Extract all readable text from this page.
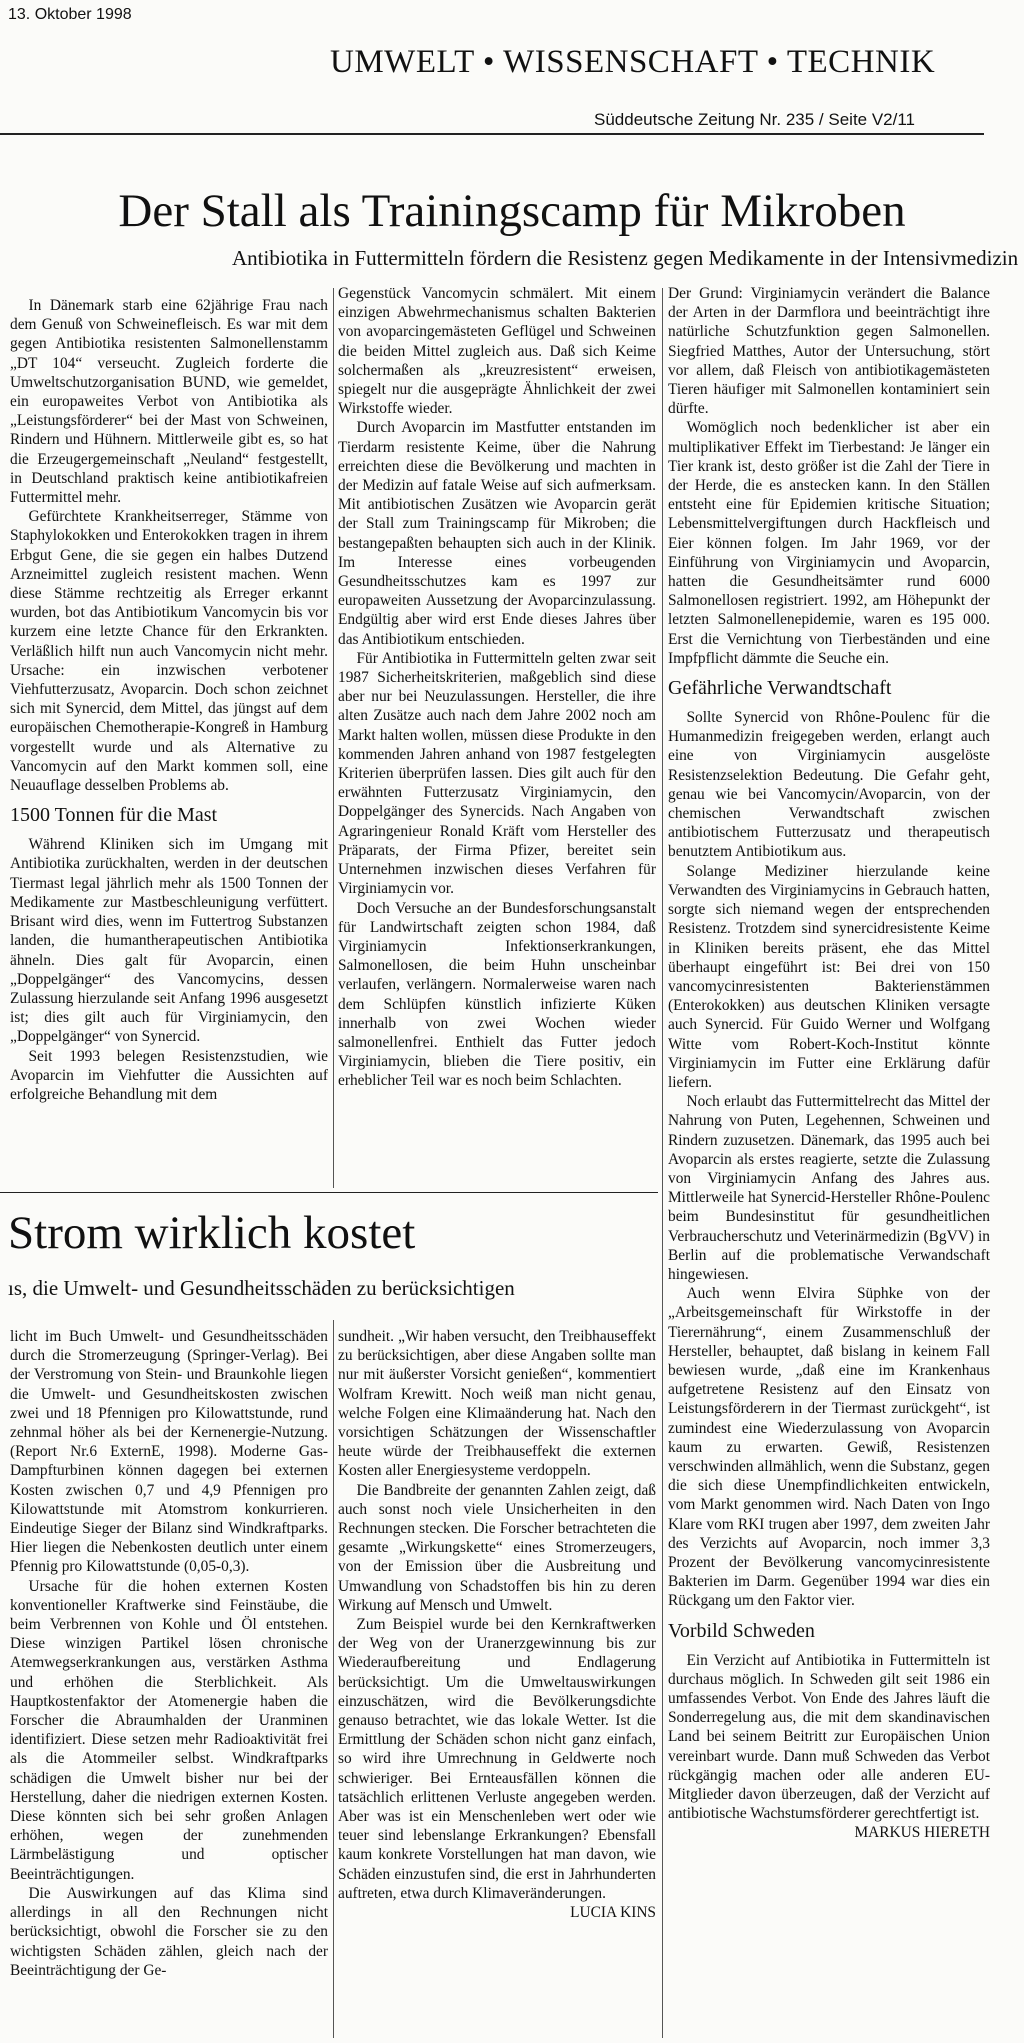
13. Oktober 1998
UMWELT • WISSENSCHAFT • TECHNIK
Süddeutsche Zeitung Nr. 235 / Seite V2/11
Der Stall als Trainingscamp für Mikroben
Antibiotika in Futtermitteln fördern die Resistenz gegen Medikamente in der Intensivmedizin

In Dänemark starb eine 62jährige Frau nach dem Genuß von Schweinefleisch. Es war mit dem gegen Antibiotika resistenten Salmonellenstamm „DT 104“ verseucht. Zugleich forderte die Umweltschutzorganisation BUND, wie gemeldet, ein europaweites Verbot von Antibiotika als „Leistungsförderer“ bei der Mast von Schweinen, Rindern und Hühnern. Mittlerweile gibt es, so hat die Erzeugergemeinschaft „Neuland“ festgestellt, in Deutschland praktisch keine antibiotikafreien Futtermittel mehr.

Gefürchtete Krankheitserreger, Stämme von Staphylokokken und Enterokokken tragen in ihrem Erbgut Gene, die sie gegen ein halbes Dutzend Arzneimittel zugleich resistent machen. Wenn diese Stämme rechtzeitig als Erreger erkannt wurden, bot das Antibiotikum Vancomycin bis vor kurzem eine letzte Chance für den Erkrankten. Verläßlich hilft nun auch Vancomycin nicht mehr. Ursache: ein inzwischen verbotener Viehfutterzusatz, Avoparcin. Doch schon zeichnet sich mit Synercid, dem Mittel, das jüngst auf dem europäischen Chemotherapie-Kongreß in Hamburg vorgestellt wurde und als Alternative zu Vancomycin auf den Markt kommen soll, eine Neuauflage desselben Problems ab.

1500 Tonnen für die Mast

Während Kliniken sich im Umgang mit Antibiotika zurückhalten, werden in der deutschen Tiermast legal jährlich mehr als 1500 Tonnen der Medikamente zur Mastbeschleunigung verfüttert. Brisant wird dies, wenn im Futtertrog Substanzen landen, die humantherapeutischen Antibiotika ähneln. Dies galt für Avoparcin, einen „Doppelgänger“ des Vancomycins, dessen Zulassung hierzulande seit Anfang 1996 ausgesetzt ist; dies gilt auch für Virginiamycin, den „Doppelgänger“ von Synercid.

Seit 1993 belegen Resistenzstudien, wie Avoparcin im Viehfutter die Aussichten auf erfolgreiche Behandlung mit dem

Gegenstück Vancomycin schmälert. Mit einem einzigen Abwehrmechanismus schalten Bakterien von avoparcingemästeten Geflügel und Schweinen die beiden Mittel zugleich aus. Daß sich Keime solchermaßen als „kreuzresistent“ erweisen, spiegelt nur die ausgeprägte Ähnlichkeit der zwei Wirkstoffe wieder.

Durch Avoparcin im Mastfutter entstanden im Tierdarm resistente Keime, über die Nahrung erreichten diese die Bevölkerung und machten in der Medizin auf fatale Weise auf sich aufmerksam. Mit antibiotischen Zusätzen wie Avoparcin gerät der Stall zum Trainingscamp für Mikroben; die bestangepaßten behaupten sich auch in der Klinik. Im Interesse eines vorbeugenden Gesundheitsschutzes kam es 1997 zur europaweiten Aussetzung der Avoparcinzulassung. Endgültig aber wird erst Ende dieses Jahres über das Antibiotikum entschieden.

Für Antibiotika in Futtermitteln gelten zwar seit 1987 Sicherheitskriterien, maßgeblich sind diese aber nur bei Neuzulassungen. Hersteller, die ihre alten Zusätze auch nach dem Jahre 2002 noch am Markt halten wollen, müssen diese Produkte in den kommenden Jahren anhand von 1987 festgelegten Kriterien überprüfen lassen. Dies gilt auch für den erwähnten Futterzusatz Virginiamycin, den Doppelgänger des Synercids. Nach Angaben von Agraringenieur Ronald Kräft vom Hersteller des Präparats, der Firma Pfizer, bereitet sein Unternehmen inzwischen dieses Verfahren für Virginiamycin vor.

Doch Versuche an der Bundesforschungsanstalt für Landwirtschaft zeigten schon 1984, daß Virginiamycin Infektionserkrankungen, Salmonellosen, die beim Huhn unscheinbar verlaufen, verlängern. Normalerweise waren nach dem Schlüpfen künstlich infizierte Küken innerhalb von zwei Wochen wieder salmonellenfrei. Enthielt das Futter jedoch Virginiamycin, blieben die Tiere positiv, ein erheblicher Teil war es noch beim Schlachten.

Der Grund: Virginiamycin verändert die Balance der Arten in der Darmflora und beeinträchtigt ihre natürliche Schutzfunktion gegen Salmonellen. Siegfried Matthes, Autor der Untersuchung, stört vor allem, daß Fleisch von antibiotikagemästeten Tieren häufiger mit Salmonellen kontaminiert sein dürfte.

Womöglich noch bedenklicher ist aber ein multiplikativer Effekt im Tierbestand: Je länger ein Tier krank ist, desto größer ist die Zahl der Tiere in der Herde, die es anstecken kann. In den Ställen entsteht eine für Epidemien kritische Situation; Lebensmittelvergiftungen durch Hackfleisch und Eier können folgen. Im Jahr 1969, vor der Einführung von Virginiamycin und Avoparcin, hatten die Gesundheitsämter rund 6000 Salmonellosen registriert. 1992, am Höhepunkt der letzten Salmonellenepidemie, waren es 195 000. Erst die Vernichtung von Tierbeständen und eine Impfpflicht dämmte die Seuche ein.

Gefährliche Verwandtschaft

Sollte Synercid von Rhône-Poulenc für die Humanmedizin freigegeben werden, erlangt auch eine von Virginiamycin ausgelöste Resistenzselektion Bedeutung. Die Gefahr geht, genau wie bei Vancomycin/Avoparcin, von der chemischen Verwandtschaft zwischen antibiotischem Futterzusatz und therapeutisch benutztem Antibiotikum aus.

Solange Mediziner hierzulande keine Verwandten des Virginiamycins in Gebrauch hatten, sorgte sich niemand wegen der entsprechenden Resistenz. Trotzdem sind synercidresistente Keime in Kliniken bereits präsent, ehe das Mittel überhaupt eingeführt ist: Bei drei von 150 vancomycinresistenten Bakterienstämmen (Enterokokken) aus deutschen Kliniken versagte auch Synercid. Für Guido Werner und Wolfgang Witte vom Robert-Koch-Institut könnte Virginiamycin im Futter eine Erklärung dafür liefern.

Noch erlaubt das Futtermittelrecht das Mittel der Nahrung von Puten, Legehennen, Schweinen und Rindern zuzusetzen. Dänemark, das 1995 auch bei Avoparcin als erstes reagierte, setzte die Zulassung von Virginiamycin Anfang des Jahres aus. Mittlerweile hat Synercid-Hersteller Rhône-Poulenc beim Bundesinstitut für gesundheitlichen Verbraucherschutz und Veterinärmedizin (BgVV) in Berlin auf die problematische Verwandschaft hingewiesen.

Auch wenn Elvira Süphke von der „Arbeitsgemeinschaft für Wirkstoffe in der Tierernährung“, einem Zusammenschluß der Hersteller, behauptet, daß bislang in keinem Fall bewiesen wurde, „daß eine im Krankenhaus aufgetretene Resistenz auf den Einsatz von Leistungsförderern in der Tiermast zurückgeht“, ist zumindest eine Wiederzulassung von Avoparcin kaum zu erwarten. Gewiß, Resistenzen verschwinden allmählich, wenn die Substanz, gegen die sich diese Unempfindlichkeiten entwickeln, vom Markt genommen wird. Nach Daten von Ingo Klare vom RKI trugen aber 1997, dem zweiten Jahr des Verzichts auf Avoparcin, noch immer 3,3 Prozent der Bevölkerung vancomycinresistente Bakterien im Darm. Gegenüber 1994 war dies ein Rückgang um den Faktor vier.

Vorbild Schweden

Ein Verzicht auf Antibiotika in Futtermitteln ist durchaus möglich. In Schweden gilt seit 1986 ein umfassendes Verbot. Von Ende des Jahres läuft die Sonderregelung aus, die mit dem skandinavischen Land bei seinem Beitritt zur Europäischen Union vereinbart wurde. Dann muß Schweden das Verbot rückgängig machen oder alle anderen EU-Mitglieder davon überzeugen, daß der Verzicht auf antibiotische Wachstumsförderer gerechtfertigt ist.

MARKUS HIERETH
Strom wirklich kostet
ıs, die Umwelt- und Gesundheitsschäden zu berücksichtigen

licht im Buch Umwelt- und Gesundheitsschäden durch die Stromerzeugung (Springer-Verlag). Bei der Verstromung von Stein- und Braunkohle liegen die Umwelt- und Gesundheitskosten zwischen zwei und 18 Pfennigen pro Kilowattstunde, rund zehnmal höher als bei der Kernenergie-Nutzung. (Report Nr.6 ExternE, 1998). Moderne Gas-Dampfturbinen können dagegen bei externen Kosten zwischen 0,7 und 4,9 Pfennigen pro Kilowattstunde mit Atomstrom konkurrieren. Eindeutige Sieger der Bilanz sind Windkraftparks. Hier liegen die Nebenkosten deutlich unter einem Pfennig pro Kilowattstunde (0,05-0,3).

Ursache für die hohen externen Kosten konventioneller Kraftwerke sind Feinstäube, die beim Verbrennen von Kohle und Öl entstehen. Diese winzigen Partikel lösen chronische Atemwegserkrankungen aus, verstärken Asthma und erhöhen die Sterblichkeit. Als Hauptkostenfaktor der Atomenergie haben die Forscher die Abraumhalden der Uranminen identifiziert. Diese setzen mehr Radioaktivität frei als die Atommeiler selbst. Windkraftparks schädigen die Umwelt bisher nur bei der Herstellung, daher die niedrigen externen Kosten. Diese könnten sich bei sehr großen Anlagen erhöhen, wegen der zunehmenden Lärmbelästigung und optischer Beeinträchtigungen.

Die Auswirkungen auf das Klima sind allerdings in all den Rechnungen nicht berücksichtigt, obwohl die Forscher sie zu den wichtigsten Schäden zählen, gleich nach der Beeinträchtigung der Ge-

sundheit. „Wir haben versucht, den Treibhauseffekt zu berücksichtigen, aber diese Angaben sollte man nur mit äußerster Vorsicht genießen“, kommentiert Wolfram Krewitt. Noch weiß man nicht genau, welche Folgen eine Klimaänderung hat. Nach den vorsichtigen Schätzungen der Wissenschaftler heute würde der Treibhauseffekt die externen Kosten aller Energiesysteme verdoppeln.

Die Bandbreite der genannten Zahlen zeigt, daß auch sonst noch viele Unsicherheiten in den Rechnungen stecken. Die Forscher betrachteten die gesamte „Wirkungskette“ eines Stromerzeugers, von der Emission über die Ausbreitung und Umwandlung von Schadstoffen bis hin zu deren Wirkung auf Mensch und Umwelt.

Zum Beispiel wurde bei den Kernkraftwerken der Weg von der Uranerzgewinnung bis zur Wiederaufbereitung und Endlagerung berücksichtigt. Um die Umweltauswirkungen einzuschätzen, wird die Bevölkerungsdichte genauso betrachtet, wie das lokale Wetter. Ist die Ermittlung der Schäden schon nicht ganz einfach, so wird ihre Umrechnung in Geldwerte noch schwieriger. Bei Ernteausfällen können die tatsächlich erlittenen Verluste angegeben werden. Aber was ist ein Menschenleben wert oder wie teuer sind lebenslange Erkrankungen? Ebensfall kaum konkrete Vorstellungen hat man davon, wie Schäden einzustufen sind, die erst in Jahrhunderten auftreten, etwa durch Klimaveränderungen.

LUCIA KINS
